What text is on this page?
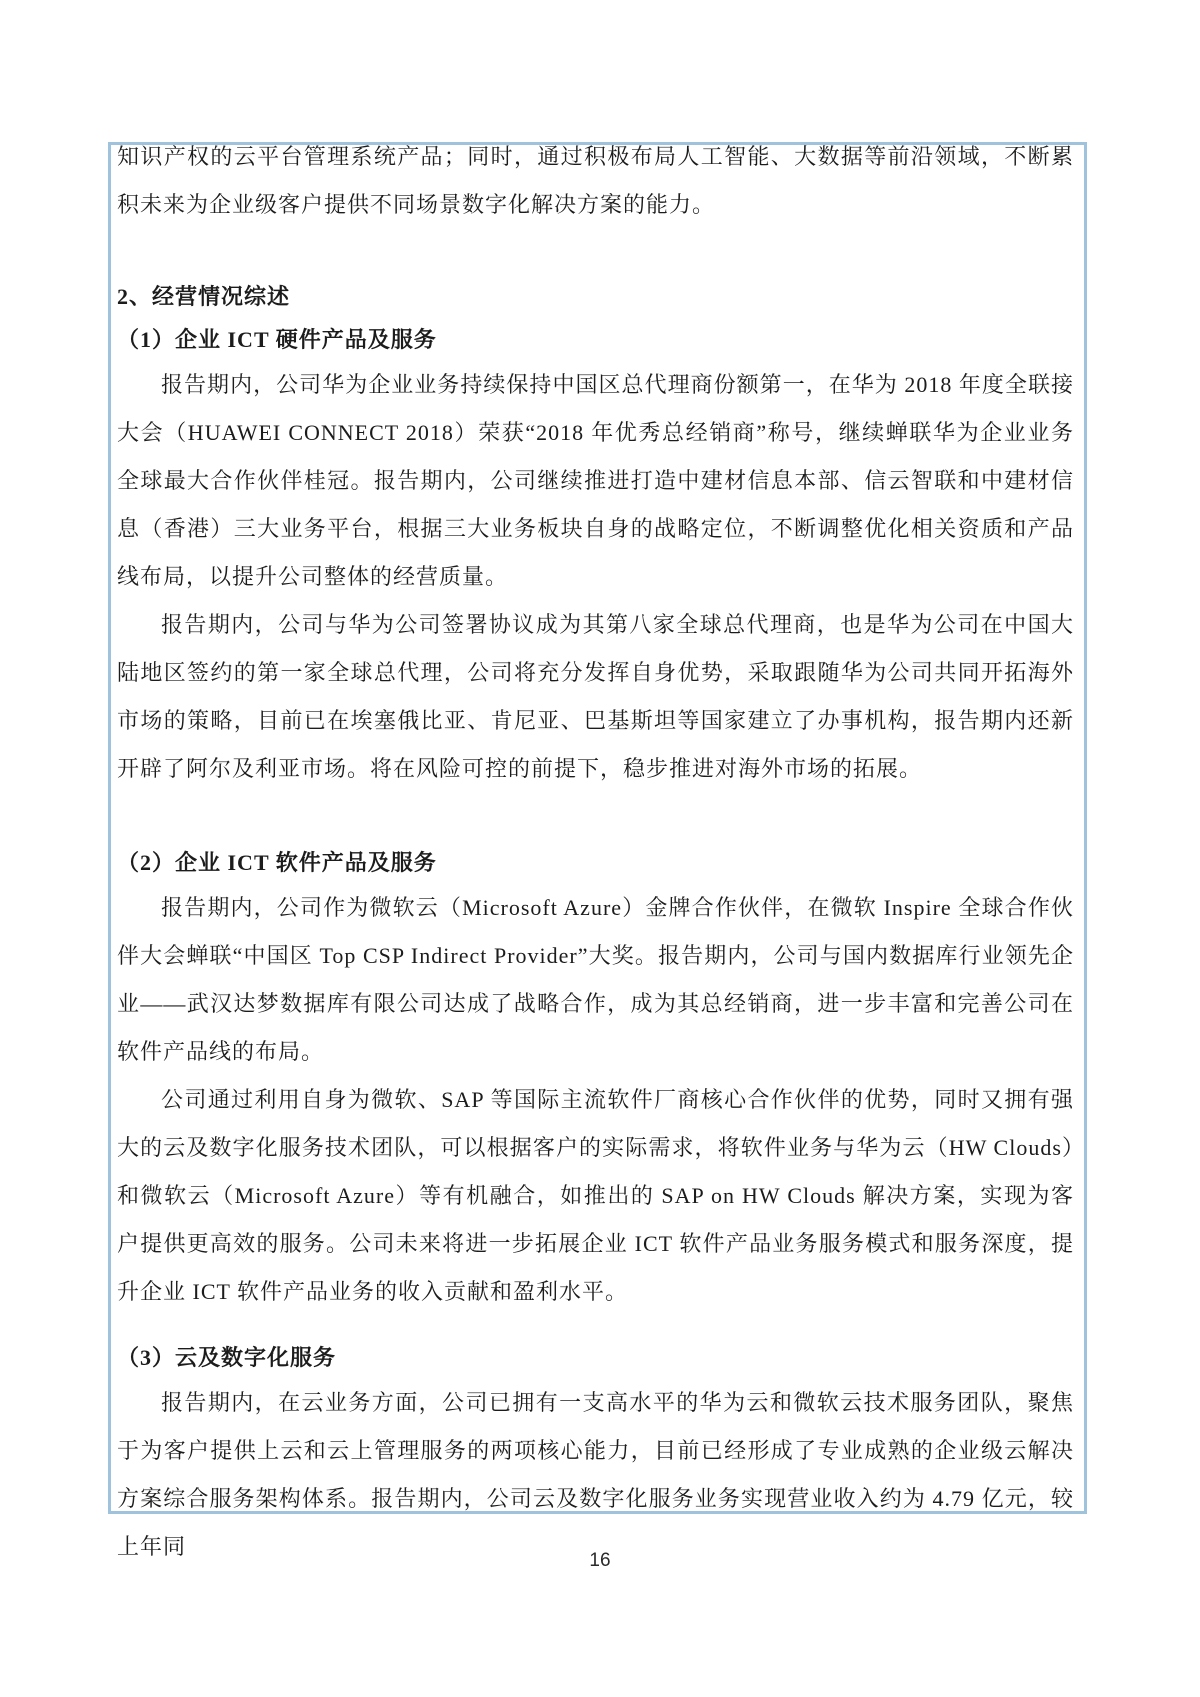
知识产权的云平台管理系统产品；同时，通过积极布局人工智能、大数据等前沿领域，不断累积未来为企业级客户提供不同场景数字化解决方案的能力。

2、经营情况综述
（1）企业 ICT 硬件产品及服务

报告期内，公司华为企业业务持续保持中国区总代理商份额第一，在华为 2018 年度全联接大会（HUAWEI CONNECT 2018）荣获“2018 年优秀总经销商”称号，继续蝉联华为企业业务全球最大合作伙伴桂冠。报告期内，公司继续推进打造中建材信息本部、信云智联和中建材信息（香港）三大业务平台，根据三大业务板块自身的战略定位，不断调整优化相关资质和产品线布局，以提升公司整体的经营质量。

报告期内，公司与华为公司签署协议成为其第八家全球总代理商，也是华为公司在中国大陆地区签约的第一家全球总代理，公司将充分发挥自身优势，采取跟随华为公司共同开拓海外市场的策略，目前已在埃塞俄比亚、肯尼亚、巴基斯坦等国家建立了办事机构，报告期内还新开辟了阿尔及利亚市场。将在风险可控的前提下，稳步推进对海外市场的拓展。

（2）企业 ICT 软件产品及服务

报告期内，公司作为微软云（Microsoft Azure）金牌合作伙伴，在微软 Inspire 全球合作伙伴大会蝉联“中国区 Top CSP Indirect Provider”大奖。报告期内，公司与国内数据库行业领先企业——武汉达梦数据库有限公司达成了战略合作，成为其总经销商，进一步丰富和完善公司在软件产品线的布局。

公司通过利用自身为微软、SAP 等国际主流软件厂商核心合作伙伴的优势，同时又拥有强大的云及数字化服务技术团队，可以根据客户的实际需求，将软件业务与华为云（HW Clouds）和微软云（Microsoft Azure）等有机融合，如推出的 SAP on HW Clouds 解决方案，实现为客户提供更高效的服务。公司未来将进一步拓展企业 ICT 软件产品业务服务模式和服务深度，提升企业 ICT 软件产品业务的收入贡献和盈利水平。

（3）云及数字化服务

报告期内，在云业务方面，公司已拥有一支高水平的华为云和微软云技术服务团队，聚焦于为客户提供上云和云上管理服务的两项核心能力，目前已经形成了专业成熟的企业级云解决方案综合服务架构体系。报告期内，公司云及数字化服务业务实现营业收入约为 4.79 亿元，较上年同

16
